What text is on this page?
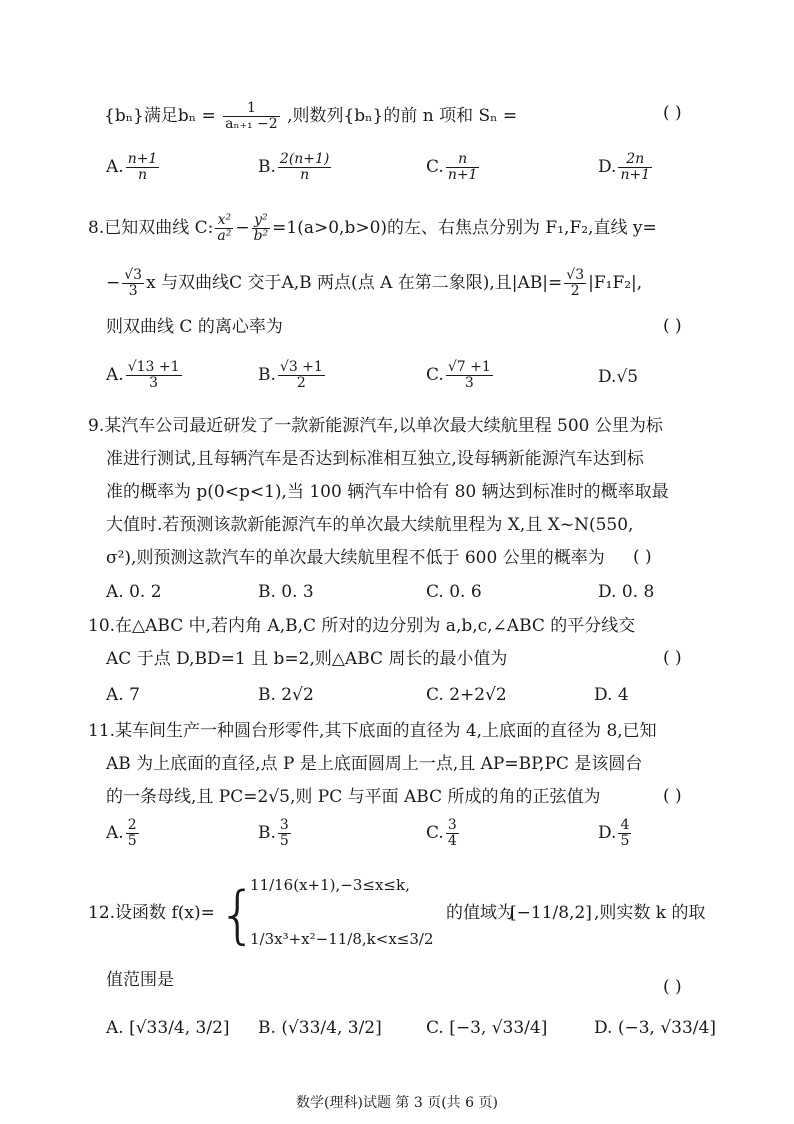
{bₙ}满足$b_n = \frac{1}{\text{aₙ₊₁ −2}}$ ,则数列{bₙ}的前 n 项和 Sₙ =	( )
A. $\frac{n+1}{n}$	B. $\frac{2(n+1)}{n}$	C. $\frac{n}{n+1}$	D. $\frac{2n}{n+1}$
8.已知双曲线 C: $\frac{\text{x²}}{\text{a²}} - \frac{\text{y²}}{\text{b²}} =1(a>0,b>0)$的左、右焦点分别为 F₁,F₂,直线 y=
− $\frac{√3}{3}$ x 与双曲线C 交于A,B 两点(点 A 在第二象限),且$|AB|= \frac{√3}{2} |F_1F_2|$,
则双曲线 C 的离心率为	( )
A. $\frac{√13 +1}{3}$	B. $\frac{√3 +1}{2}$	C. $\frac{√7 +1}{3}$	D.√5
9.某汽车公司最近研发了一款新能源汽车,以单次最大续航里程 500 公里为标
准进行测试,且每辆汽车是否达到标准相互独立,设每辆新能源汽车达到标
准的概率为 p(0<p<1),当 100 辆汽车中恰有 80 辆达到标准时的概率取最
大值时.若预测该款新能源汽车的单次最大续航里程为 X,且 X~N(550,
σ²),则预测这款汽车的单次最大续航里程不低于 600 公里的概率为 ( )
A. 0. 2	B. 0. 3	C. 0. 6	D. 0. 8
10.在△ABC 中,若内角 A,B,C 所对的边分别为 a,b,c,∠ABC 的平分线交
AC 于点 D,BD=1 且 b=2,则△ABC 周长的最小值为	( )
A. 7	B. 2√2	C. 2+2√2	D. 4
11.某车间生产一种圆台形零件,其下底面的直径为 4,上底面的直径为 8,已知
AB 为上底面的直径,点 P 是上底面圆周上一点,且 AP=BP,PC 是该圆台
的一条母线,且 PC=2√5,则 PC 与平面 ABC 所成的角的正弦值为	( )
A. $\frac{2}{5}$	B. $\frac{3}{5}$	C. $\frac{3}{4}$	D. $\frac{4}{5}$
12.设函数 f(x)= {
11/16(x+1),−3≤x≤k,
1/3x³+x²−11/8,k<x≤3/2
的值域为
[−11/8,2] ,则实数 k 的取
值范围是	( )
A. [√33/4, 3/2] B. (√33/4, 3/2]	C. [−3, √33/4]	D. (−3, √33/4]
数学(理科)试题 第 3 页(共 6 页)
